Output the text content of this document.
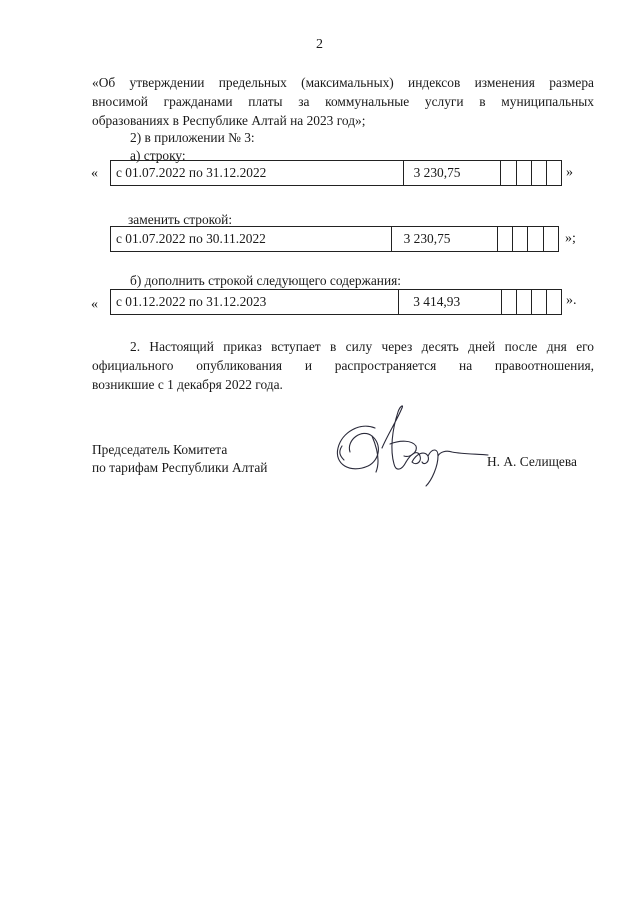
2
«Об утверждении предельных (максимальных) индексов изменения размера
вносимой гражданами платы за коммунальные услуги в муниципальных
образованиях в Республике Алтай на 2023 год»;
2) в приложении № 3:
а) строку:
« с 01.07.2022 по 31.12.2022	3 230,75					»
заменить строкой:
с 01.07.2022 по 30.11.2022	3 230,75					»;
б) дополнить строкой следующего содержания:
« с 01.12.2022 по 31.12.2023	3 414,93					».
2. Настоящий приказ вступает в силу через десять дней после дня его
официального опубликования и распространяется на правоотношения,
возникшие с 1 декабря 2022 года.
Председатель Комитета
по тарифам Республики Алтай	Н. А. Селищева
